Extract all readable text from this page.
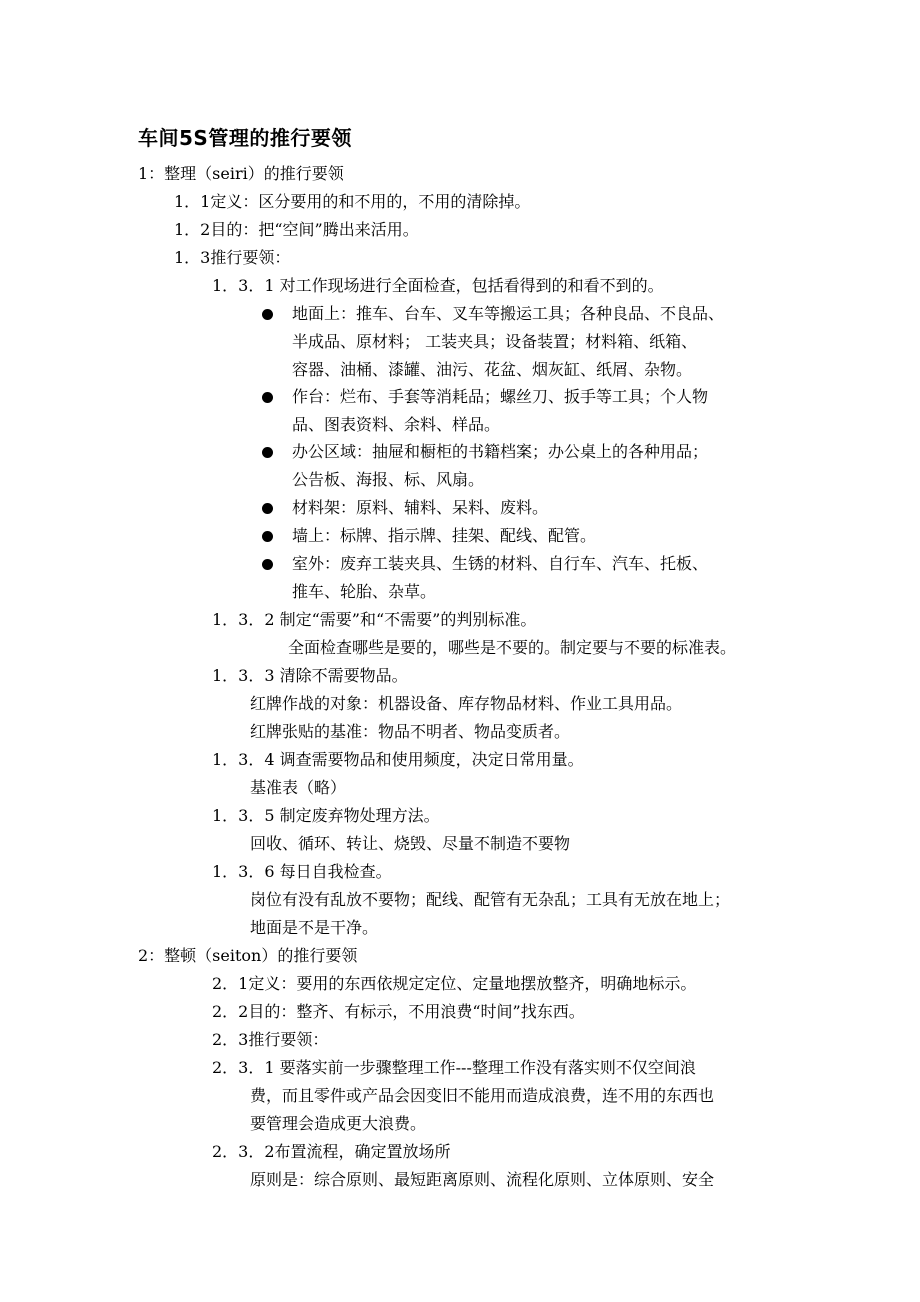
车间5S管理的推行要领
1：整理（seiri）的推行要领
1．1定义：区分要用的和不用的，不用的清除掉。
1．2目的：把“空间”腾出来活用。
1．3推行要领：
1．3．1 对工作现场进行全面检查，包括看得到的和看不到的。
地面上：推车、台车、叉车等搬运工具；各种良品、不良品、
半成品、原材料； 工装夹具；设备装置；材料箱、纸箱、
容器、油桶、漆罐、油污、花盆、烟灰缸、纸屑、杂物。
作台：烂布、手套等消耗品；螺丝刀、扳手等工具；个人物
品、图表资料、余料、样品。
办公区域：抽屉和橱柜的书籍档案；办公桌上的各种用品；
公告板、海报、标、风扇。
材料架：原料、辅料、呆料、废料。
墙上：标牌、指示牌、挂架、配线、配管。
室外：废弃工装夹具、生锈的材料、自行车、汽车、托板、
推车、轮胎、杂草。
1．3．2 制定“需要”和“不需要”的判别标准。
全面检查哪些是要的，哪些是不要的。制定要与不要的标准表。
1．3．3 清除不需要物品。
红牌作战的对象：机器设备、库存物品材料、作业工具用品。
红牌张贴的基准：物品不明者、物品变质者。
1．3．4 调查需要物品和使用频度，决定日常用量。
基准表（略）
1．3．5 制定废弃物处理方法。
回收、循环、转让、烧毁、尽量不制造不要物
1．3．6 每日自我检查。
岗位有没有乱放不要物；配线、配管有无杂乱；工具有无放在地上；
地面是不是干净。
2：整顿（seiton）的推行要领
2．1定义：要用的东西依规定定位、定量地摆放整齐，明确地标示。
2．2目的：整齐、有标示，不用浪费“时间”找东西。
2．3推行要领：
2．3．1 要落实前一步骤整理工作---整理工作没有落实则不仅空间浪
费，而且零件或产品会因变旧不能用而造成浪费，连不用的东西也
要管理会造成更大浪费。
2．3．2布置流程，确定置放场所
原则是：综合原则、最短距离原则、流程化原则、立体原则、安全
